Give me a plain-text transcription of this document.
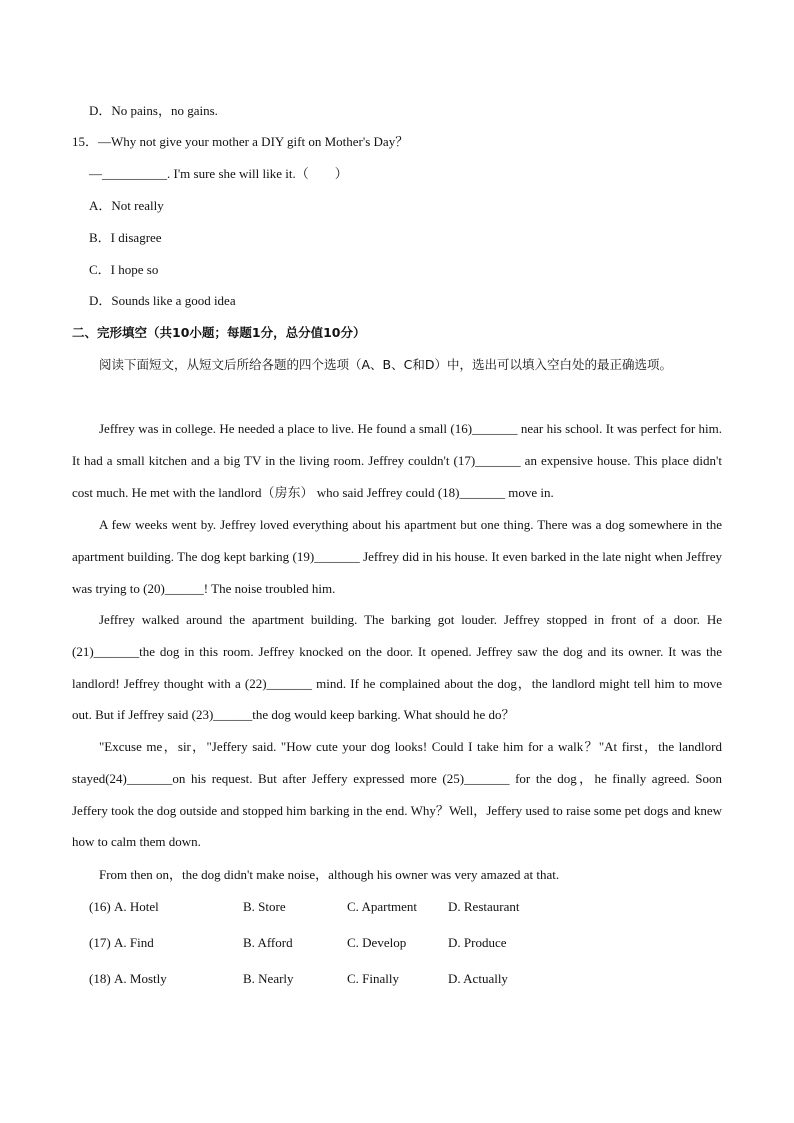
D．No pains，no gains.
15．—Why not give your mother a DIY gift on Mother's Day？
—__________. I'm sure she will like it.（　　）
A．Not really
B．I disagree
C．I hope so
D．Sounds like a good idea
二、完形填空（共10小题；每题1分，总分值10分）
阅读下面短文，从短文后所给各题的四个选项（A、B、C和D）中，选出可以填入空白处的最正确选项。
Jeffrey was in college. He needed a place to live. He found a small (16)_______ near his school. It was perfect for him. It had a small kitchen and a big TV in the living room. Jeffrey couldn't (17)_______ an expensive house. This place didn't cost much. He met with the landlord（房东） who said Jeffrey could (18)_______ move in.
A few weeks went by. Jeffrey loved everything about his apartment but one thing. There was a dog somewhere in the apartment building. The dog kept barking (19)_______ Jeffrey did in his house. It even barked in the late night when Jeffrey was trying to (20)______! The noise troubled him.
Jeffrey walked around the apartment building. The barking got louder. Jeffrey stopped in front of a door. He (21)_______the dog in this room. Jeffrey knocked on the door. It opened. Jeffrey saw the dog and its owner. It was the landlord! Jeffrey thought with a (22)_______ mind. If he complained about the dog，the landlord might tell him to move out. But if Jeffrey said (23)______the dog would keep barking. What should he do？
"Excuse me，sir，"Jeffery said. "How cute your dog looks! Could I take him for a walk？"At first，the landlord stayed(24)_______on his request. But after Jeffery expressed more (25)_______ for the dog，he finally agreed. Soon Jeffery took the dog outside and stopped him barking in the end. Why？Well，Jeffery used to raise some pet dogs and knew how to calm them down.
From then on，the dog didn't make noise，although his owner was very amazed at that.
(16) A. Hotel	B. Store	C. Apartment D. Restaurant
(17) A. Find	B. Afford	C. Develop	D. Produce
(18) A. Mostly	B. Nearly	C. Finally	D. Actually
